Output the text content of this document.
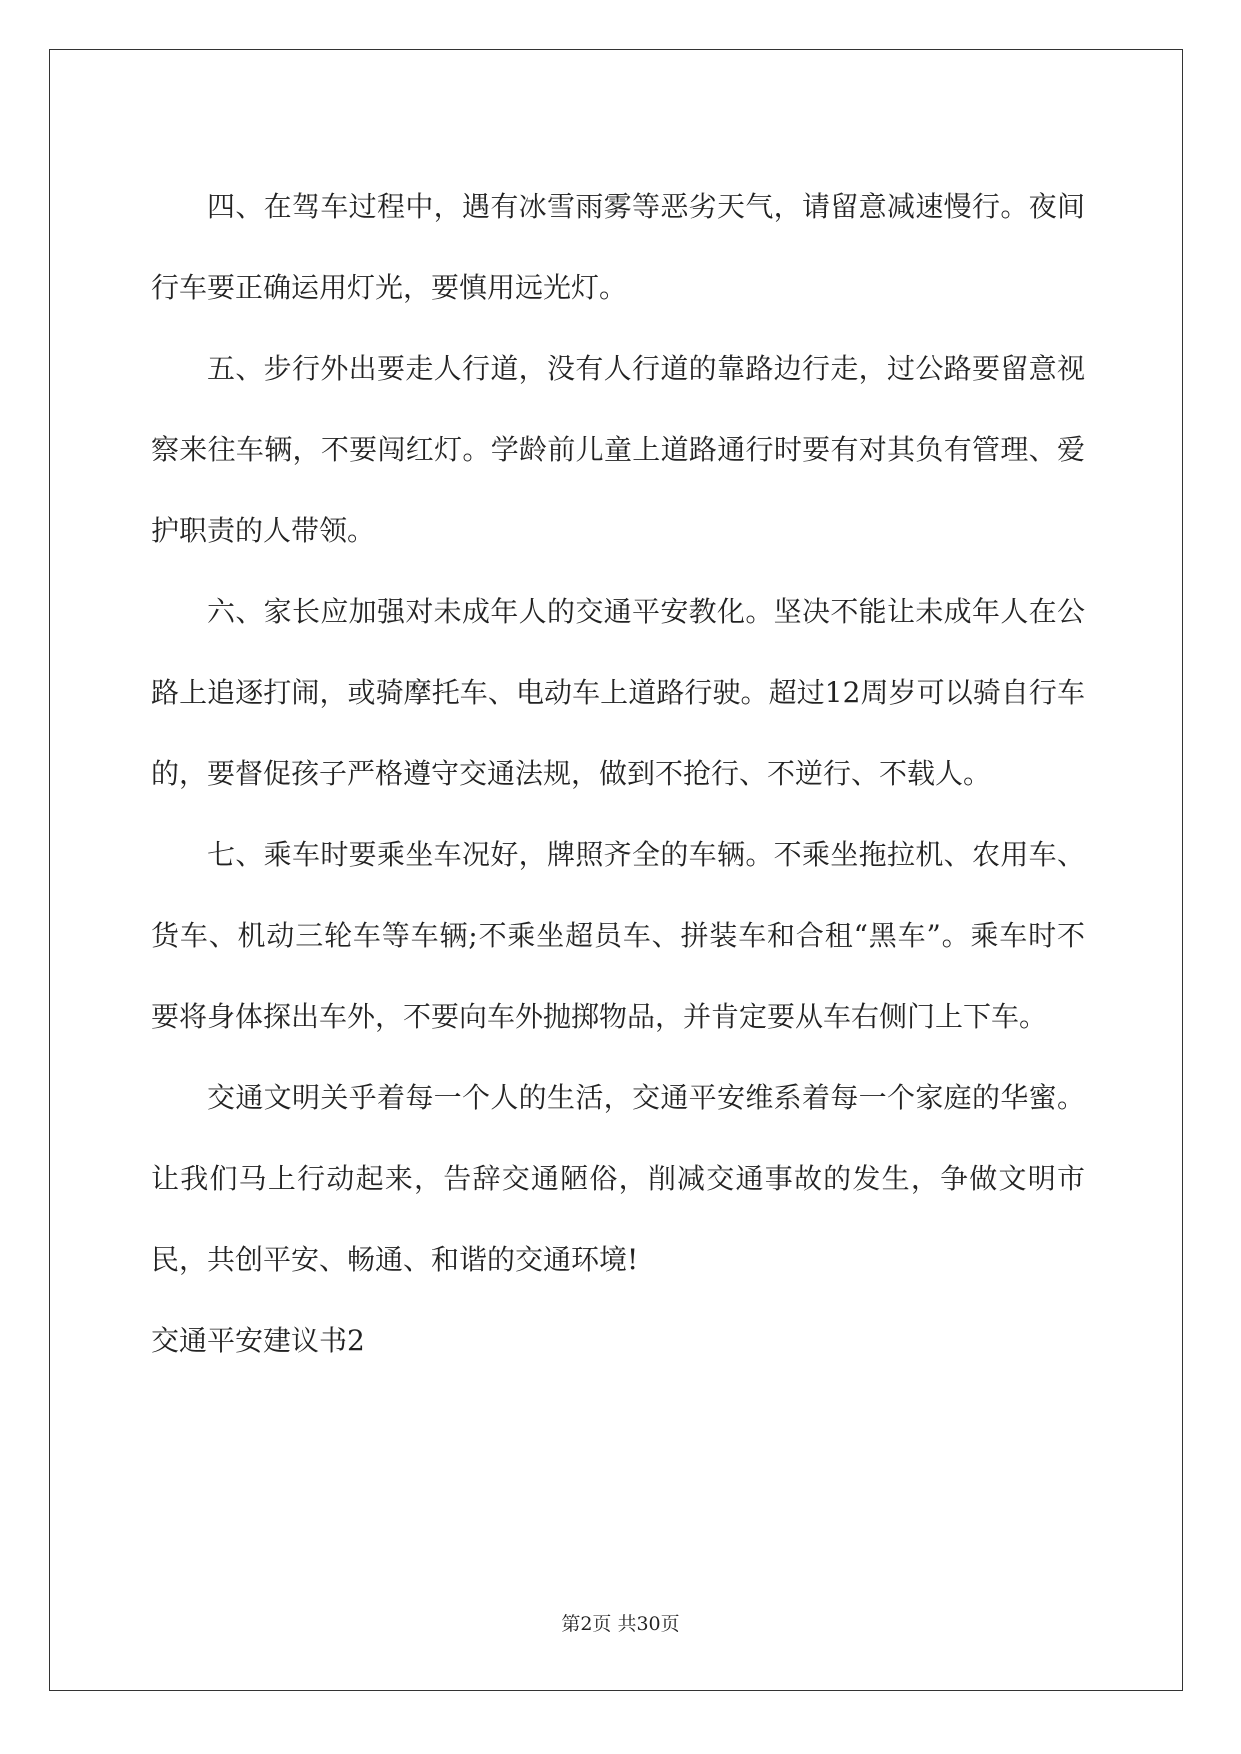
四、在驾车过程中，遇有冰雪雨雾等恶劣天气，请留意减速慢行。夜间行车要正确运用灯光，要慎用远光灯。

五、步行外出要走人行道，没有人行道的靠路边行走，过公路要留意视察来往车辆，不要闯红灯。学龄前儿童上道路通行时要有对其负有管理、爱护职责的人带领。

六、家长应加强对未成年人的交通平安教化。坚决不能让未成年人在公路上追逐打闹，或骑摩托车、电动车上道路行驶。超过12周岁可以骑自行车的，要督促孩子严格遵守交通法规，做到不抢行、不逆行、不载人。

七、乘车时要乘坐车况好，牌照齐全的车辆。不乘坐拖拉机、农用车、货车、机动三轮车等车辆;不乘坐超员车、拼装车和合租“黑车”。乘车时不要将身体探出车外，不要向车外抛掷物品，并肯定要从车右侧门上下车。

交通文明关乎着每一个人的生活，交通平安维系着每一个家庭的华蜜。让我们马上行动起来，告辞交通陋俗，削减交通事故的发生，争做文明市民，共创平安、畅通、和谐的交通环境!

交通平安建议书2

第2页 共30页
